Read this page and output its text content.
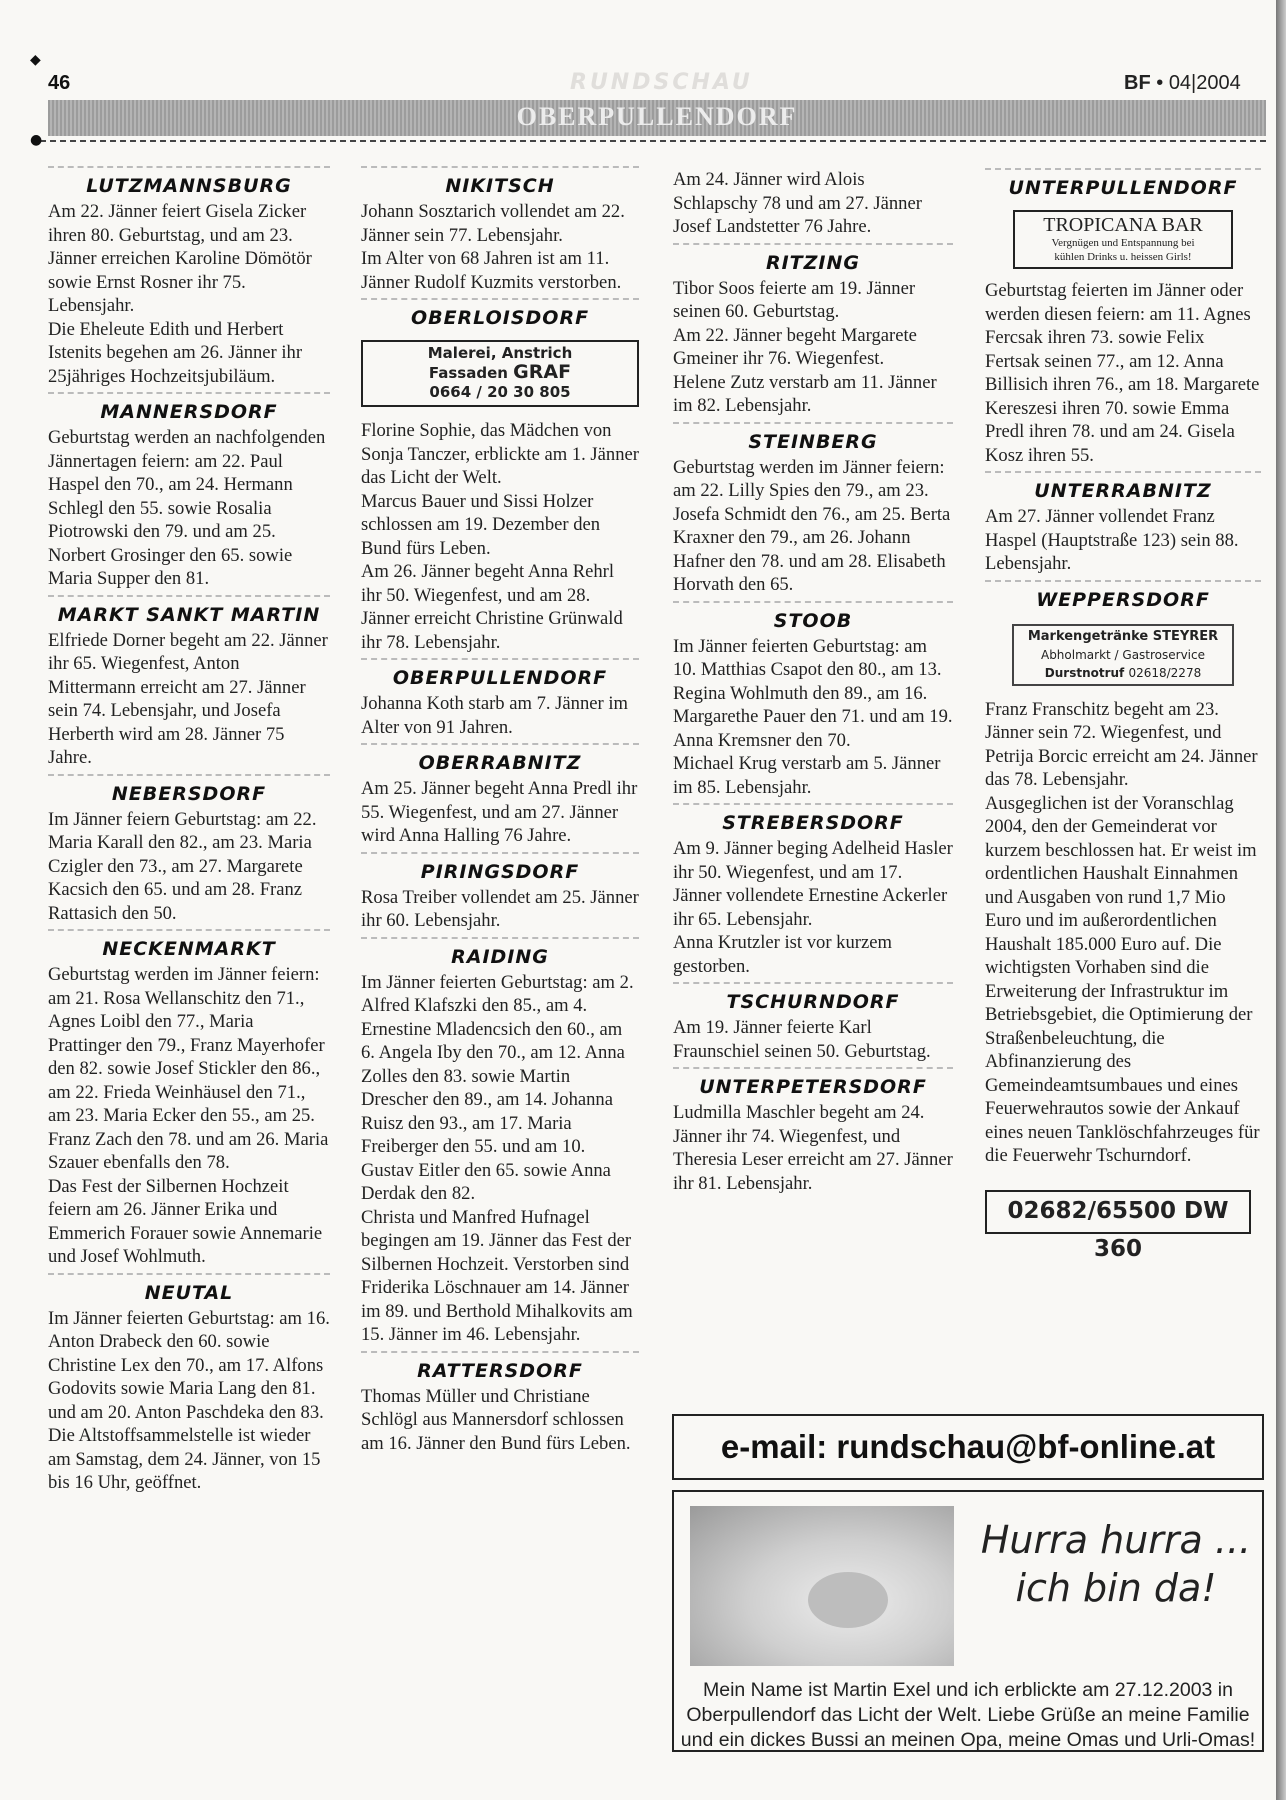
46	RUNDSCHAU	BF • 04|2004
OBERPULLENDORF
LUTZMANNSBURG

Am 22. Jänner feiert Gisela Zicker ihren 80. Geburtstag, und am 23. Jänner erreichen Karoline Dömötör sowie Ernst Rosner ihr 75. Lebensjahr.

Die Eheleute Edith und Herbert Istenits begehen am 26. Jänner ihr 25jähriges Hochzeitsjubiläum.

MANNERSDORF

Geburtstag werden an nachfolgenden Jännertagen feiern: am 22. Paul Haspel den 70., am 24. Hermann Schlegl den 55. sowie Rosalia Piotrowski den 79. und am 25. Norbert Grosinger den 65. sowie Maria Supper den 81.

MARKT SANKT MARTIN

Elfriede Dorner begeht am 22. Jänner ihr 65. Wiegenfest, Anton Mittermann erreicht am 27. Jänner sein 74. Lebensjahr, und Josefa Herberth wird am 28. Jänner 75 Jahre.

NEBERSDORF

Im Jänner feiern Geburtstag: am 22. Maria Karall den 82., am 23. Maria Czigler den 73., am 27. Margarete Kacsich den 65. und am 28. Franz Rattasich den 50.

NECKENMARKT

Geburtstag werden im Jänner feiern: am 21. Rosa Wellanschitz den 71., Agnes Loibl den 77., Maria Prattinger den 79., Franz Mayerhofer den 82. sowie Josef Stickler den 86., am 22. Frieda Weinhäusel den 71., am 23. Maria Ecker den 55., am 25. Franz Zach den 78. und am 26. Maria Szauer ebenfalls den 78.

Das Fest der Silbernen Hochzeit feiern am 26. Jänner Erika und Emmerich Forauer sowie Annemarie und Josef Wohlmuth.

NEUTAL

Im Jänner feierten Geburtstag: am 16. Anton Drabeck den 60. sowie Christine Lex den 70., am 17. Alfons Godovits sowie Maria Lang den 81. und am 20. Anton Paschdeka den 83.

Die Altstoffsammelstelle ist wieder am Samstag, dem 24. Jänner, von 15 bis 16 Uhr, geöffnet.

NIKITSCH

Johann Sosztarich vollendet am 22. Jänner sein 77. Lebensjahr.

Im Alter von 68 Jahren ist am 11. Jänner Rudolf Kuzmits verstorben.

OBERLOISDORF
Malerei, Anstrich
Fassaden GRAF
0664 / 20 30 805

Florine Sophie, das Mädchen von Sonja Tanczer, erblickte am 1. Jänner das Licht der Welt.

Marcus Bauer und Sissi Holzer schlossen am 19. Dezember den Bund fürs Leben.

Am 26. Jänner begeht Anna Rehrl ihr 50. Wiegenfest, und am 28. Jänner erreicht Christine Grünwald ihr 78. Lebensjahr.

OBERPULLENDORF

Johanna Koth starb am 7. Jänner im Alter von 91 Jahren.

OBERRABNITZ

Am 25. Jänner begeht Anna Predl ihr 55. Wiegenfest, und am 27. Jänner wird Anna Halling 76 Jahre.

PIRINGSDORF

Rosa Treiber vollendet am 25. Jänner ihr 60. Lebensjahr.

RAIDING

Im Jänner feierten Geburtstag: am 2. Alfred Klafszki den 85., am 4. Ernestine Mladencsich den 60., am 6. Angela Iby den 70., am 12. Anna Zolles den 83. sowie Martin Drescher den 89., am 14. Johanna Ruisz den 93., am 17. Maria Freiberger den 55. und am 10. Gustav Eitler den 65. sowie Anna Derdak den 82.

Christa und Manfred Hufnagel begingen am 19. Jänner das Fest der Silbernen Hochzeit. Verstorben sind Friderika Löschnauer am 14. Jänner im 89. und Berthold Mihalkovits am 15. Jänner im 46. Lebensjahr.

RATTERSDORF

Thomas Müller und Christiane Schlögl aus Mannersdorf schlossen am 16. Jänner den Bund fürs Leben.

Am 24. Jänner wird Alois Schlapschy 78 und am 27. Jänner Josef Landstetter 76 Jahre.

RITZING

Tibor Soos feierte am 19. Jänner seinen 60. Geburtstag.

Am 22. Jänner begeht Margarete Gmeiner ihr 76. Wiegenfest.

Helene Zutz verstarb am 11. Jänner im 82. Lebensjahr.

STEINBERG

Geburtstag werden im Jänner feiern: am 22. Lilly Spies den 79., am 23. Josefa Schmidt den 76., am 25. Berta Kraxner den 79., am 26. Johann Hafner den 78. und am 28. Elisabeth Horvath den 65.

STOOB

Im Jänner feierten Geburtstag: am 10. Matthias Csapot den 80., am 13. Regina Wohlmuth den 89., am 16. Margarethe Pauer den 71. und am 19. Anna Kremsner den 70.

Michael Krug verstarb am 5. Jänner im 85. Lebensjahr.

STREBERSDORF

Am 9. Jänner beging Adelheid Hasler ihr 50. Wiegenfest, und am 17. Jänner vollendete Ernestine Ackerler ihr 65. Lebensjahr.

Anna Krutzler ist vor kurzem gestorben.

TSCHURNDORF

Am 19. Jänner feierte Karl Fraunschiel seinen 50. Geburtstag.

UNTERPETERSDORF

Ludmilla Maschler begeht am 24. Jänner ihr 74. Wiegenfest, und Theresia Leser erreicht am 27. Jänner ihr 81. Lebensjahr.

UNTERPULLENDORF
TROPICANA BAR
Vergnügen und Entspannung bei
kühlen Drinks u. heissen Girls!

Geburtstag feierten im Jänner oder werden diesen feiern: am 11. Agnes Fercsak ihren 73. sowie Felix Fertsak seinen 77., am 12. Anna Billisich ihren 76., am 18. Margarete Kereszesi ihren 70. sowie Emma Predl ihren 78. und am 24. Gisela Kosz ihren 55.

UNTERRABNITZ

Am 27. Jänner vollendet Franz Haspel (Hauptstraße 123) sein 88. Lebensjahr.

WEPPERSDORF
Markengetränke STEYRER
Abholmarkt / Gastroservice
Durstnotruf 02618/2278

Franz Franschitz begeht am 23. Jänner sein 72. Wiegenfest, und Petrija Borcic erreicht am 24. Jänner das 78. Lebensjahr.

Ausgeglichen ist der Voranschlag 2004, den der Gemeinderat vor kurzem beschlossen hat. Er weist im ordentlichen Haushalt Einnahmen und Ausgaben von rund 1,7 Mio Euro und im außerordentlichen Haushalt 185.000 Euro auf. Die wichtigsten Vorhaben sind die Erweiterung der Infrastruktur im Betriebsgebiet, die Optimierung der Straßenbeleuchtung, die Abfinanzierung des Gemeindeamtsumbaues und eines Feuerwehrautos sowie der Ankauf eines neuen Tanklöschfahrzeuges für die Feuerwehr Tschurndorf.

02682/65500 DW 360
e-mail: rundschau@bf-online.at
Hurra hurra ...
ich bin da!
Mein Name ist Martin Exel und ich erblickte am 27.12.2003 in
Oberpullendorf das Licht der Welt. Liebe Grüße an meine Familie
und ein dickes Bussi an meinen Opa, meine Omas und Urli-Omas!
◆
●
